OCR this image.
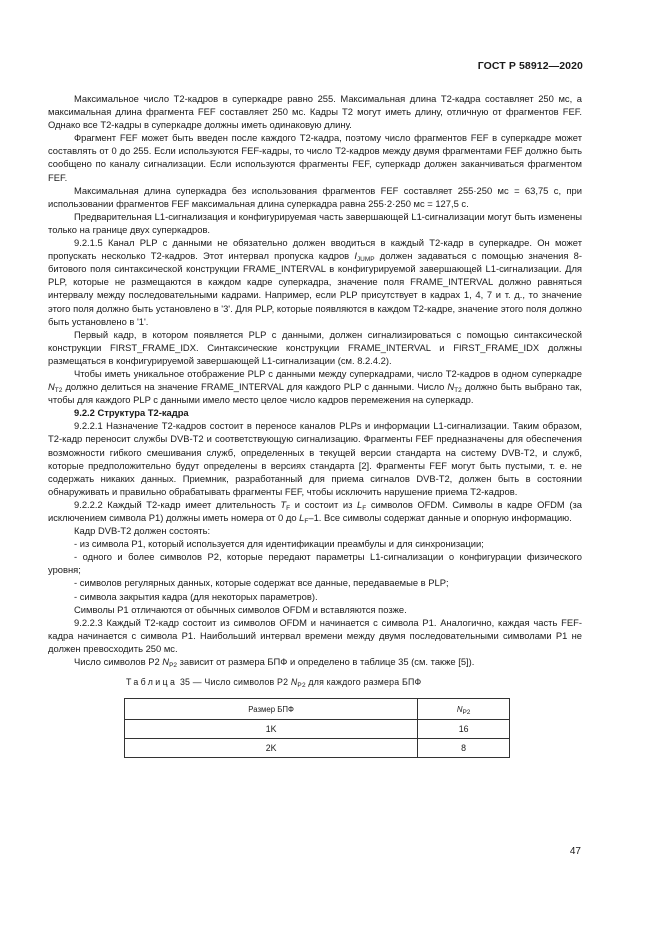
ГОСТ Р 58912—2020

Максимальное число T2-кадров в суперкадре равно 255. Максимальная длина T2-кадра составляет 250 мс, а максимальная длина фрагмента FEF составляет 250 мс. Кадры T2 могут иметь длину, отличную от фрагментов FEF. Однако все T2-кадры в суперкадре должны иметь одинаковую длину.

Фрагмент FEF может быть введен после каждого T2-кадра, поэтому число фрагментов FEF в суперкадре может составлять от 0 до 255. Если используются FEF-кадры, то число T2-кадров между двумя фрагментами FEF должно быть сообщено по каналу сигнализации. Если используются фрагменты FEF, суперкадр должен заканчиваться фрагментом FEF.

Максимальная длина суперкадра без использования фрагментов FEF составляет 255·250 мс = 63,75 с, при использовании фрагментов FEF максимальная длина суперкадра равна 255·2·250 мс = 127,5 с.

Предварительная L1-сигнализация и конфигурируемая часть завершающей L1-сигнализации могут быть изменены только на границе двух суперкадров.

9.2.1.5 Канал PLP с данными не обязательно должен вводиться в каждый T2-кадр в суперкадре. Он может пропускать несколько T2-кадров. Этот интервал пропуска кадров $I_{JUMP}$ должен задаваться с помощью значения 8-битового поля синтаксической конструкции FRAME_INTERVAL в конфигурируемой завершающей L1-сигнализации. Для PLP, которые не размещаются в каждом кадре суперкадра, значение поля FRAME_INTERVAL должно равняться интервалу между последовательными кадрами. Например, если PLP присутствует в кадрах 1, 4, 7 и т. д., то значение этого поля должно быть установлено в '3'. Для PLP, которые появляются в каждом T2-кадре, значение этого поля должно быть установлено в '1'.

Первый кадр, в котором появляется PLP с данными, должен сигнализироваться с помощью синтаксической конструкции FIRST_FRAME_IDX. Синтаксические конструкции FRAME_INTERVAL и FIRST_FRAME_IDX должны размещаться в конфигурируемой завершающей L1-сигнализации (см. 8.2.4.2).

Чтобы иметь уникальное отображение PLP с данными между суперкадрами, число T2-кадров в одном суперкадре $N_{T2}$ должно делиться на значение FRAME_INTERVAL для каждого PLP с данными. Число $N_{T2}$ должно быть выбрано так, чтобы для каждого PLP с данными имело место целое число кадров перемежения на суперкадр.

9.2.2 Структура T2-кадра

9.2.2.1 Назначение T2-кадров состоит в переносе каналов PLPs и информации L1-сигнализации. Таким образом, T2-кадр переносит службы DVB-T2 и соответствующую сигнализацию. Фрагменты FEF предназначены для обеспечения возможности гибкого смешивания служб, определенных в текущей версии стандарта на систему DVB-T2, и служб, которые предположительно будут определены в версиях стандарта [2]. Фрагменты FEF могут быть пустыми, т. е. не содержать никаких данных. Приемник, разработанный для приема сигналов DVB-T2, должен быть в состоянии обнаруживать и правильно обрабатывать фрагменты FEF, чтобы исключить нарушение приема T2-кадров.

9.2.2.2 Каждый T2-кадр имеет длительность $T_F$ и состоит из $L_F$ символов OFDM. Символы в кадре OFDM (за исключением символа P1) должны иметь номера от 0 до $L_F-1$. Все символы содержат данные и опорную информацию.

Кадр DVB-T2 должен состоять:

- из символа P1, который используется для идентификации преамбулы и для синхронизации;

- одного и более символов P2, которые передают параметры L1-сигнализации о конфигурации физического уровня;

- символов регулярных данных, которые содержат все данные, передаваемые в PLP;

- символа закрытия кадра (для некоторых параметров).

Символы P1 отличаются от обычных символов OFDM и вставляются позже.

9.2.2.3 Каждый T2-кадр состоит из символов OFDM и начинается с символа P1. Аналогично, каждая часть FEF-кадра начинается с символа P1. Наибольший интервал времени между двумя последовательными символами P1 не должен превосходить 250 мс.

Число символов P2 $N_{P2}$ зависит от размера БПФ и определено в таблице 35 (см. также [5]).

Таблица 35 — Число символов P2 $N_{P2}$ для каждого размера БПФ

Размер БПФ	$N_{P2}$
1K	16
2K	8
47
